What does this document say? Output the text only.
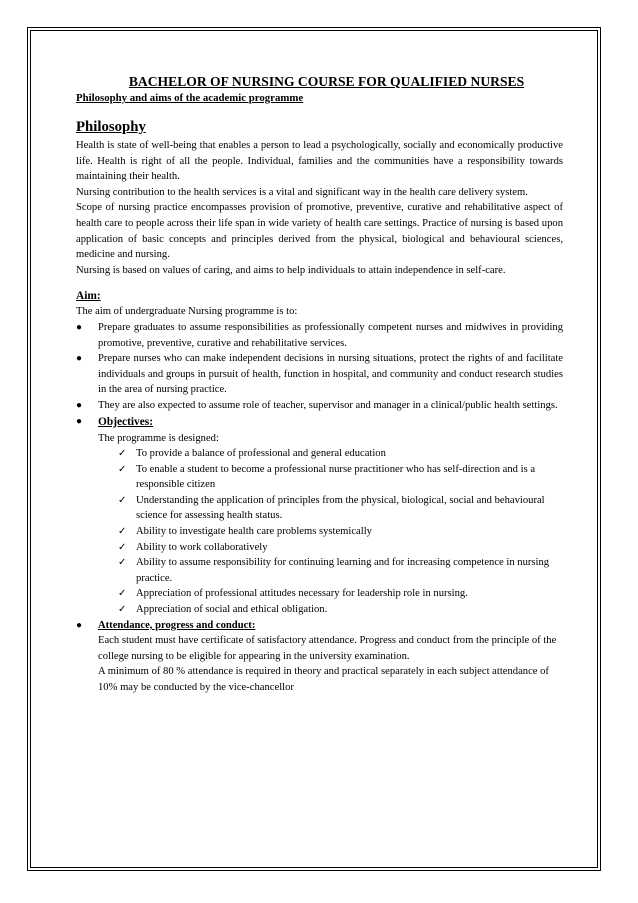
BACHELOR OF NURSING COURSE FOR QUALIFIED NURSES
Philosophy and aims of the academic programme
Philosophy

Health is state of well-being that enables a person to lead a psychologically, socially and economically productive life. Health is right of all the people. Individual, families and the communities have a responsibility towards maintaining their health.

Nursing contribution to the health services is a vital and significant way in the health care delivery system.

Scope of nursing practice encompasses provision of promotive, preventive, curative and rehabilitative aspect of health care to people across their life span in wide variety of health care settings. Practice of nursing is based upon application of basic concepts and principles derived from the physical, biological and behavioural sciences, medicine and nursing.

Nursing is based on values of caring, and aims to help individuals to attain independence in self-care.

Aim:

The aim of undergraduate Nursing programme is to:

● Prepare graduates to assume responsibilities as professionally competent nurses and midwives in providing promotive, preventive, curative and rehabilitative services.
● Prepare nurses who can make independent decisions in nursing situations, protect the rights of and facilitate individuals and groups in pursuit of health, function in hospital, and community and conduct research studies in the area of nursing practice.
● They are also expected to assume role of teacher, supervisor and manager in a clinical/public health settings.
● Objectives:
The programme is designed:
✓ To provide a balance of professional and general education
✓ To enable a student to become a professional nurse practitioner who has self-direction and is a responsible citizen
✓ Understanding the application of principles from the physical, biological, social and behavioural science for assessing health status.
✓ Ability to investigate health care problems systemically
✓ Ability to work collaboratively
✓ Ability to assume responsibility for continuing learning and for increasing competence in nursing practice.
✓ Appreciation of professional attitudes necessary for leadership role in nursing.
✓ Appreciation of social and ethical obligation.
● Attendance, progress and conduct:
Each student must have certificate of satisfactory attendance. Progress and conduct from the principle of the college nursing to be eligible for appearing in the university examination.
A minimum of 80 % attendance is required in theory and practical separately in each subject attendance of 10% may be conducted by the vice-chancellor
